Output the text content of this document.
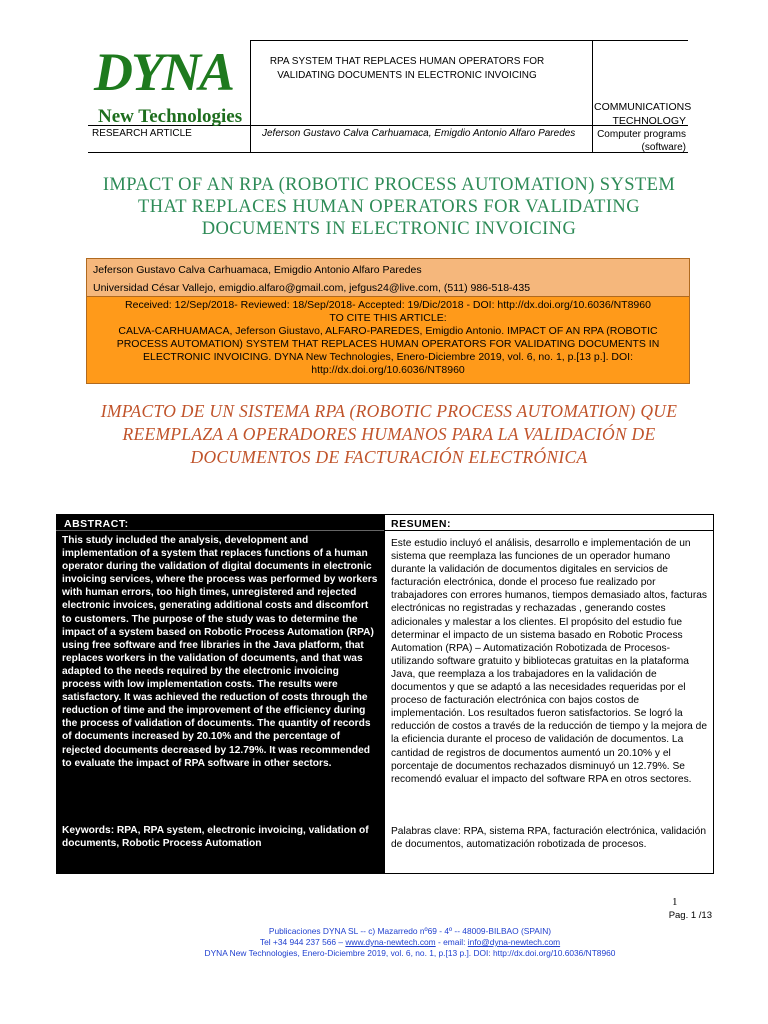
DYNA
New Technologies
RPA SYSTEM THAT REPLACES HUMAN OPERATORS FOR VALIDATING DOCUMENTS IN ELECTRONIC INVOICING
COMMUNICATIONS TECHNOLOGY
RESEARCH ARTICLE	Jeferson Gustavo Calva Carhuamaca, Emigdio Antonio Alfaro Paredes	Computer programs (software)
IMPACT OF AN RPA (ROBOTIC PROCESS AUTOMATION) SYSTEM THAT REPLACES HUMAN OPERATORS FOR VALIDATING DOCUMENTS IN ELECTRONIC INVOICING
Jeferson Gustavo Calva Carhuamaca, Emigdio Antonio Alfaro Paredes
Universidad César Vallejo, emigdio.alfaro@gmail.com, jefgus24@live.com, (511) 986-518-435
Received: 12/Sep/2018- Reviewed: 18/Sep/2018- Accepted: 19/Dic/2018 - DOI: http://dx.doi.org/10.6036/NT8960
TO CITE THIS ARTICLE:
CALVA-CARHUAMACA, Jeferson Giustavo, ALFARO-PAREDES, Emigdio Antonio. IMPACT OF AN RPA (ROBOTIC PROCESS AUTOMATION) SYSTEM THAT REPLACES HUMAN OPERATORS FOR VALIDATING DOCUMENTS IN ELECTRONIC INVOICING. DYNA New Technologies, Enero-Diciembre 2019, vol. 6, no. 1, p.[13 p.]. DOI: http://dx.doi.org/10.6036/NT8960
IMPACTO DE UN SISTEMA RPA (ROBOTIC PROCESS AUTOMATION) QUE REEMPLAZA A OPERADORES HUMANOS PARA LA VALIDACIÓN DE DOCUMENTOS DE FACTURACIÓN ELECTRÓNICA
ABSTRACT:
This study included the analysis, development and implementation of a system that replaces functions of a human operator during the validation of digital documents in electronic invoicing services, where the process was performed by workers with human errors, too high times, unregistered and rejected electronic invoices, generating additional costs and discomfort to customers. The purpose of the study was to determine the impact of a system based on Robotic Process Automation (RPA) using free software and free libraries in the Java platform, that replaces workers in the validation of documents, and that was adapted to the needs required by the electronic invoicing process with low implementation costs. The results were satisfactory. It was achieved the reduction of costs through the reduction of time and the improvement of the efficiency during the process of validation of documents. The quantity of records of documents increased by 20.10% and the percentage of rejected documents decreased by 12.79%. It was recommended to evaluate the impact of RPA software in other sectors.
Keywords: RPA, RPA system, electronic invoicing, validation of documents, Robotic Process Automation
RESUMEN:
Este estudio incluyó el análisis, desarrollo e implementación de un sistema que reemplaza las funciones de un operador humano durante la validación de documentos digitales en servicios de facturación electrónica, donde el proceso fue realizado por trabajadores con errores humanos, tiempos demasiado altos, facturas electrónicas no registradas y rechazadas , generando costes adicionales y malestar a los clientes. El propósito del estudio fue determinar el impacto de un sistema basado en Robotic Process Automation (RPA) – Automatización Robotizada de Procesos- utilizando software gratuito y bibliotecas gratuitas en la plataforma Java, que reemplaza a los trabajadores en la validación de documentos y que se adaptó a las necesidades requeridas por el proceso de facturación electrónica con bajos costos de implementación. Los resultados fueron satisfactorios. Se logró la reducción de costos a través de la reducción de tiempo y la mejora de la eficiencia durante el proceso de validación de documentos. La cantidad de registros de documentos aumentó un 20.10% y el porcentaje de documentos rechazados disminuyó un 12.79%. Se recomendó evaluar el impacto del software RPA en otros sectores.
Palabras clave: RPA, sistema RPA, facturación electrónica, validación de documentos, automatización robotizada de procesos.
1
Pag. 1 /13
Publicaciones DYNA SL -- c) Mazarredo nº69 - 4º -- 48009-BILBAO (SPAIN)
Tel +34 944 237 566 – www.dyna-newtech.com - email: info@dyna-newtech.com
DYNA New Technologies, Enero-Diciembre 2019, vol. 6, no. 1, p.[13 p.]. DOI: http://dx.doi.org/10.6036/NT8960
